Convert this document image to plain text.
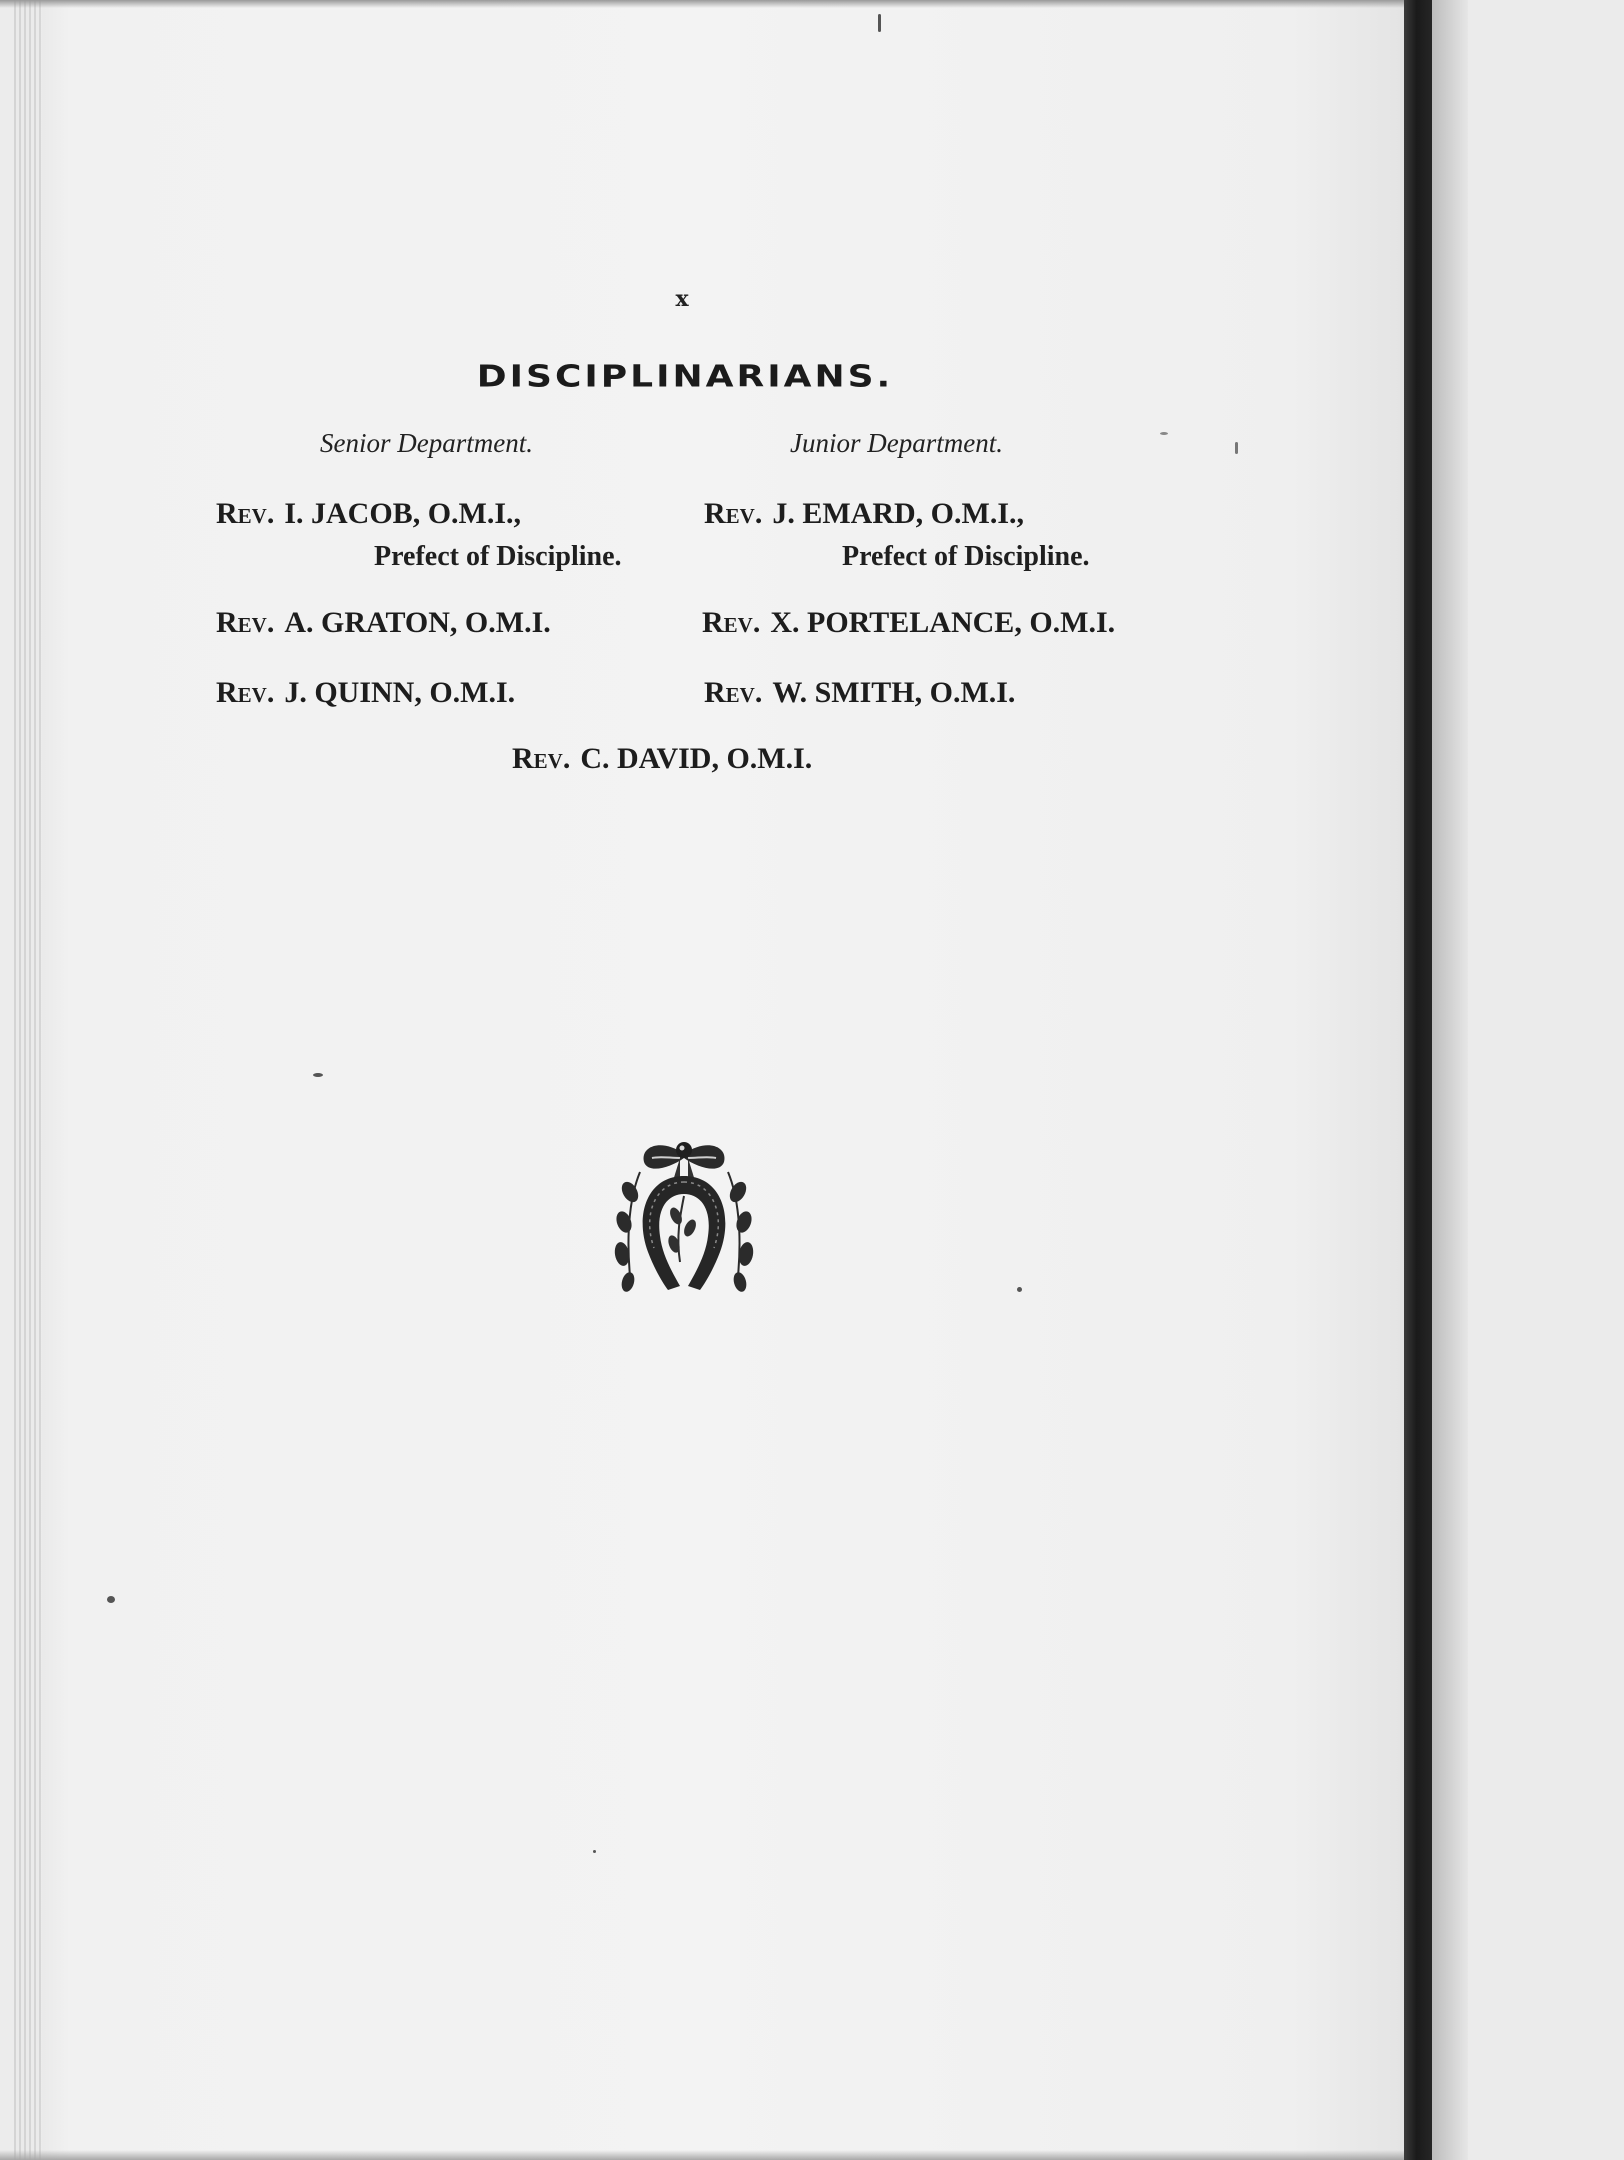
x
DISCIPLINARIANS.
Senior Department.	Junior Department.
Rev. I. JACOB, O.M.I.,
Prefect of Discipline.
Rev. A. GRATON, O.M.I.
Rev. J. QUINN, O.M.I.
Rev. J. EMARD, O.M.I.,
Prefect of Discipline.
Rev. X. PORTELANCE, O.M.I.
Rev. W. SMITH, O.M.I.
Rev. C. DAVID, O.M.I.
